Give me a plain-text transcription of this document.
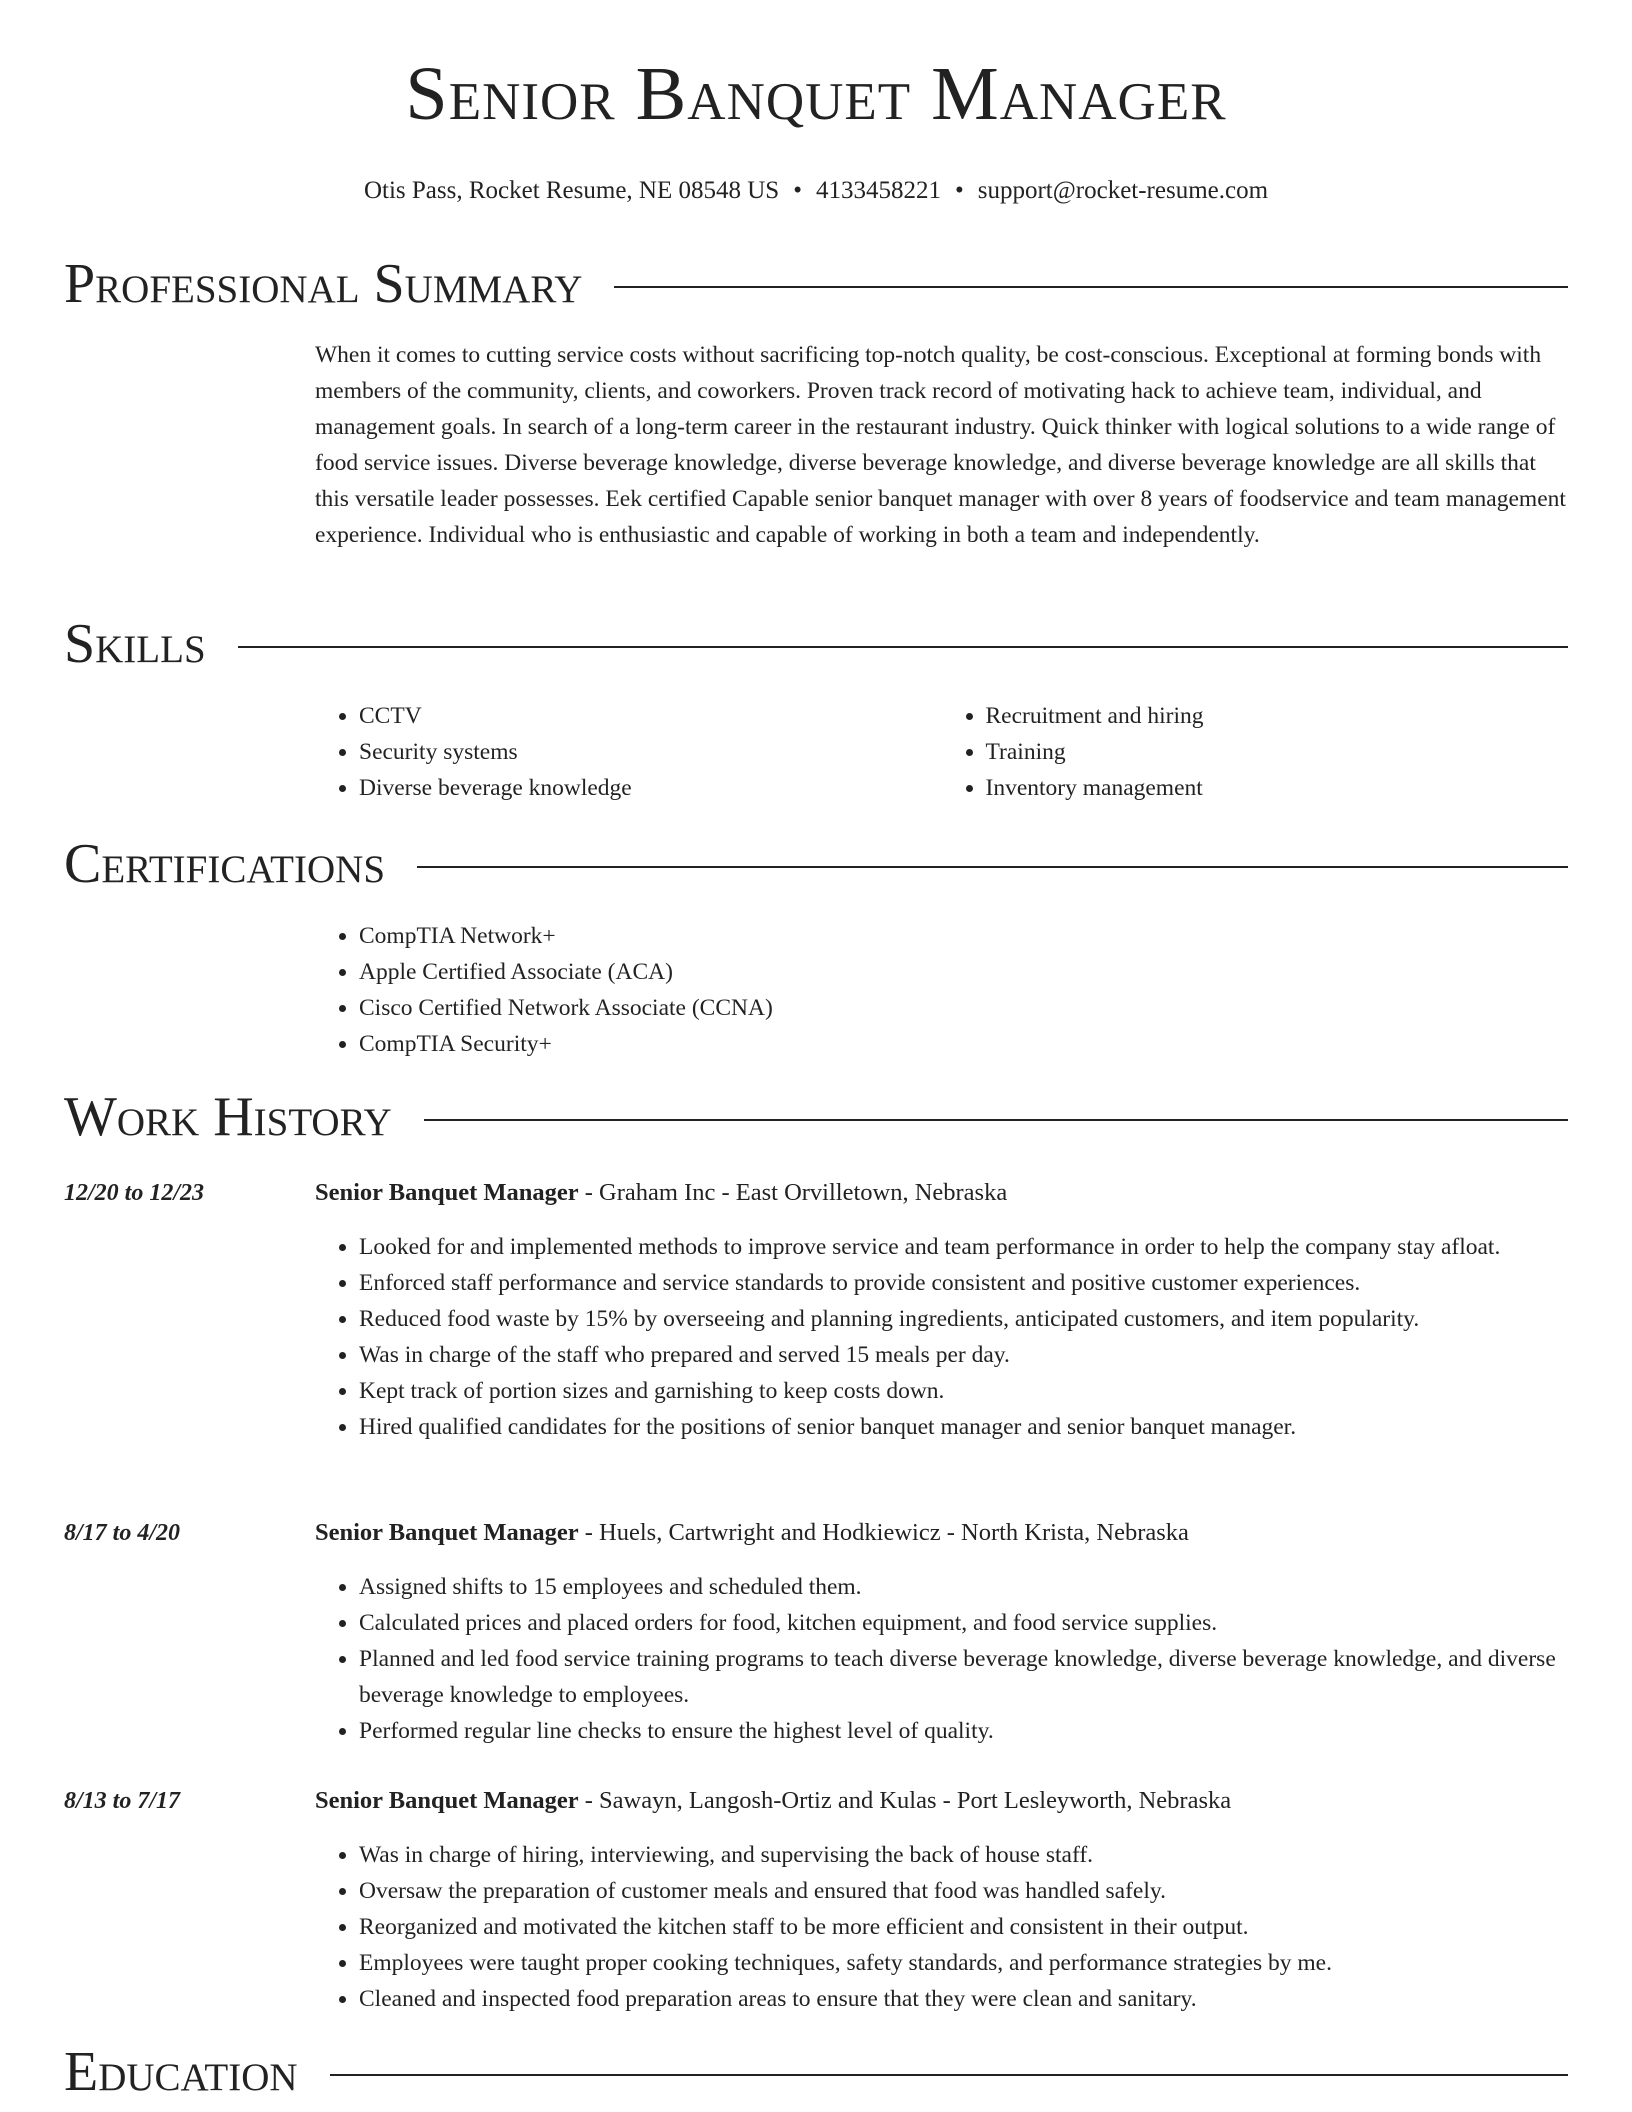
Senior Banquet Manager
Otis Pass, Rocket Resume, NE 08548 US • 4133458221 • support@rocket-resume.com
Professional Summary

When it comes to cutting service costs without sacrificing top-notch quality, be cost-conscious. Exceptional at forming bonds with members of the community, clients, and coworkers. Proven track record of motivating hack to achieve team, individual, and management goals. In search of a long-term career in the restaurant industry. Quick thinker with logical solutions to a wide range of food service issues. Diverse beverage knowledge, diverse beverage knowledge, and diverse beverage knowledge are all skills that this versatile leader possesses. Eek certified Capable senior banquet manager with over 8 years of foodservice and team management experience. Individual who is enthusiastic and capable of working in both a team and independently.

Skills
• CCTV
• Security systems
• Diverse beverage knowledge
• Recruitment and hiring
• Training
• Inventory management
Certifications
• CompTIA Network+
• Apple Certified Associate (ACA)
• Cisco Certified Network Associate (CCNA)
• CompTIA Security+
Work History
12/20 to 12/23	Senior Banquet Manager - Graham Inc - East Orvilletown, Nebraska
• Looked for and implemented methods to improve service and team performance in order to help the company stay afloat.
• Enforced staff performance and service standards to provide consistent and positive customer experiences.
• Reduced food waste by 15% by overseeing and planning ingredients, anticipated customers, and item popularity.
• Was in charge of the staff who prepared and served 15 meals per day.
• Kept track of portion sizes and garnishing to keep costs down.
• Hired qualified candidates for the positions of senior banquet manager and senior banquet manager.
8/17 to 4/20	Senior Banquet Manager - Huels, Cartwright and Hodkiewicz - North Krista, Nebraska
• Assigned shifts to 15 employees and scheduled them.
• Calculated prices and placed orders for food, kitchen equipment, and food service supplies.
• Planned and led food service training programs to teach diverse beverage knowledge, diverse beverage knowledge, and diverse beverage knowledge to employees.
• Performed regular line checks to ensure the highest level of quality.
8/13 to 7/17	Senior Banquet Manager - Sawayn, Langosh-Ortiz and Kulas - Port Lesleyworth, Nebraska
• Was in charge of hiring, interviewing, and supervising the back of house staff.
• Oversaw the preparation of customer meals and ensured that food was handled safely.
• Reorganized and motivated the kitchen staff to be more efficient and consistent in their output.
• Employees were taught proper cooking techniques, safety standards, and performance strategies by me.
• Cleaned and inspected food preparation areas to ensure that they were clean and sanitary.
Education
